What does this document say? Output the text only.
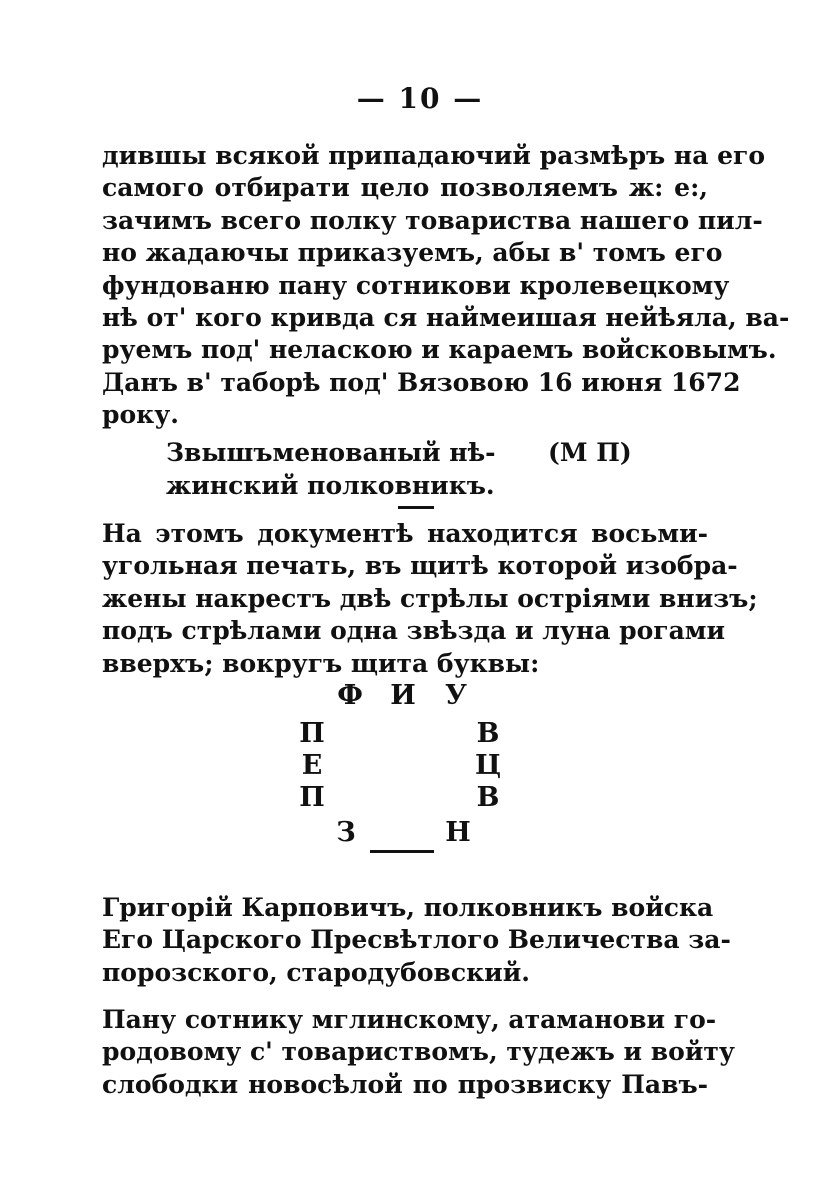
— 10 —
дившы всякой припадаючий размѣръ на его
самого отбирати цело позволяемъ ж: е:,
зачимъ всего полку товариства нашего пил-
но жадаючы приказуемъ, абы в' томъ его
фундованю пану сотникови кролевецкому
нѣ от' кого кривда ся наймеишая нейѣяла, ва-
руемъ под' неласкою и караемъ войсковымъ.
Данъ в' таборѣ под' Вязовою 16 июня 1672
року.
Звышъменованый нѣ-
жинский полковникъ.
(М П)
На этомъ документѣ находится восьми-
угольная печать, въ щитѣ которой изобра-
жены накрестъ двѣ стрѣлы остріями внизъ;
подъ стрѣлами одна звѣзда и луна рогами
вверхъ; вокругъ щита буквы:
Ф И	У
П
Е
П
В
Ц
В
З	Н
Григорій Карповичъ, полковникъ войска
Его Царского Пресвѣтлого Величества за-
порозского, стародубовский.
Пану сотнику мглинскому, атаманови го-
родовому с' товариствомъ, тудежъ и войту
слободки новосѣлой по прозвиску Павъ-
